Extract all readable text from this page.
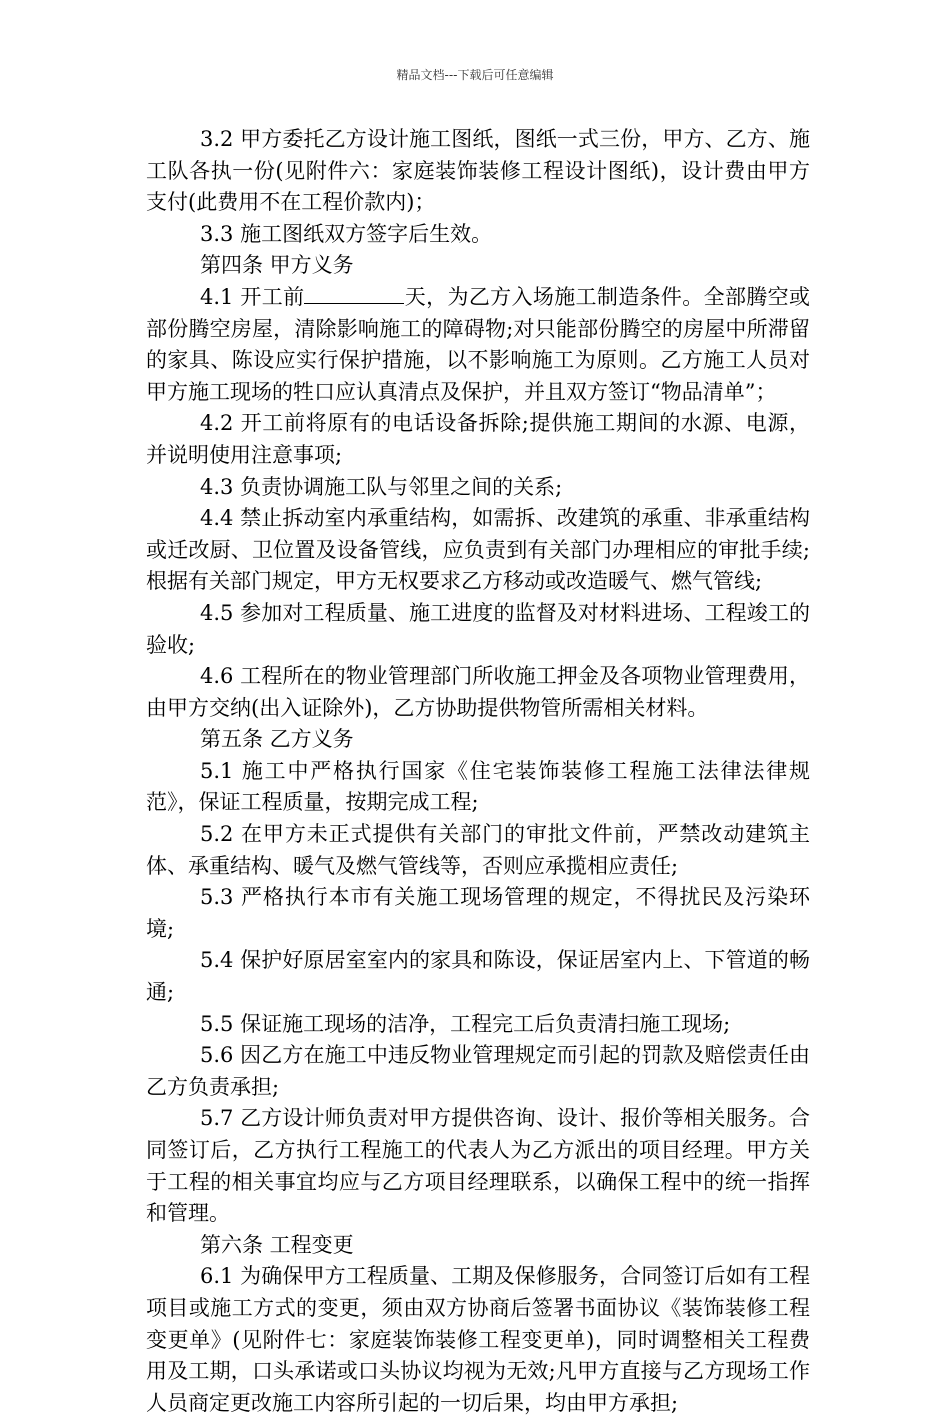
精品文档---下载后可任意编辑

3.2 甲方委托乙方设计施工图纸，图纸一式三份，甲方、乙方、施工队各执一份(见附件六：家庭装饰装修工程设计图纸)，设计费由甲方支付(此费用不在工程价款内)；

3.3 施工图纸双方签字后生效。

第四条 甲方义务

4.1 开工前	天，为乙方入场施工制造条件。全部腾空或部份腾空房屋，清除影响施工的障碍物;对只能部份腾空的房屋中所滞留的家具、陈设应实行保护措施，以不影响施工为原则。乙方施工人员对甲方施工现场的牲口应认真清点及保护，并且双方签订“物品清单”；

4.2 开工前将原有的电话设备拆除;提供施工期间的水源、电源，并说明使用注意事项;

4.3 负责协调施工队与邻里之间的关系;

4.4 禁止拆动室内承重结构，如需拆、改建筑的承重、非承重结构或迁改厨、卫位置及设备管线，应负责到有关部门办理相应的审批手续;根据有关部门规定，甲方无权要求乙方移动或改造暖气、燃气管线;

4.5 参加对工程质量、施工进度的监督及对材料进场、工程竣工的验收;

4.6 工程所在的物业管理部门所收施工押金及各项物业管理费用，由甲方交纳(出入证除外)，乙方协助提供物管所需相关材料。

第五条 乙方义务

5.1 施工中严格执行国家《住宅装饰装修工程施工法律法律规范》，保证工程质量，按期完成工程;

5.2 在甲方未正式提供有关部门的审批文件前，严禁改动建筑主体、承重结构、暖气及燃气管线等，否则应承揽相应责任;

5.3 严格执行本市有关施工现场管理的规定，不得扰民及污染环境;

5.4 保护好原居室室内的家具和陈设，保证居室内上、下管道的畅通;

5.5 保证施工现场的洁净，工程完工后负责清扫施工现场;

5.6 因乙方在施工中违反物业管理规定而引起的罚款及赔偿责任由乙方负责承担;

5.7 乙方设计师负责对甲方提供咨询、设计、报价等相关服务。合同签订后，乙方执行工程施工的代表人为乙方派出的项目经理。甲方关于工程的相关事宜均应与乙方项目经理联系，以确保工程中的统一指挥和管理。

第六条 工程变更

6.1 为确保甲方工程质量、工期及保修服务，合同签订后如有工程项目或施工方式的变更，须由双方协商后签署书面协议《装饰装修工程变更单》(见附件七：家庭装饰装修工程变更单)，同时调整相关工程费用及工期，口头承诺或口头协议均视为无效;凡甲方直接与乙方现场工作人员商定更改施工内容所引起的一切后果，均由甲方承担;
